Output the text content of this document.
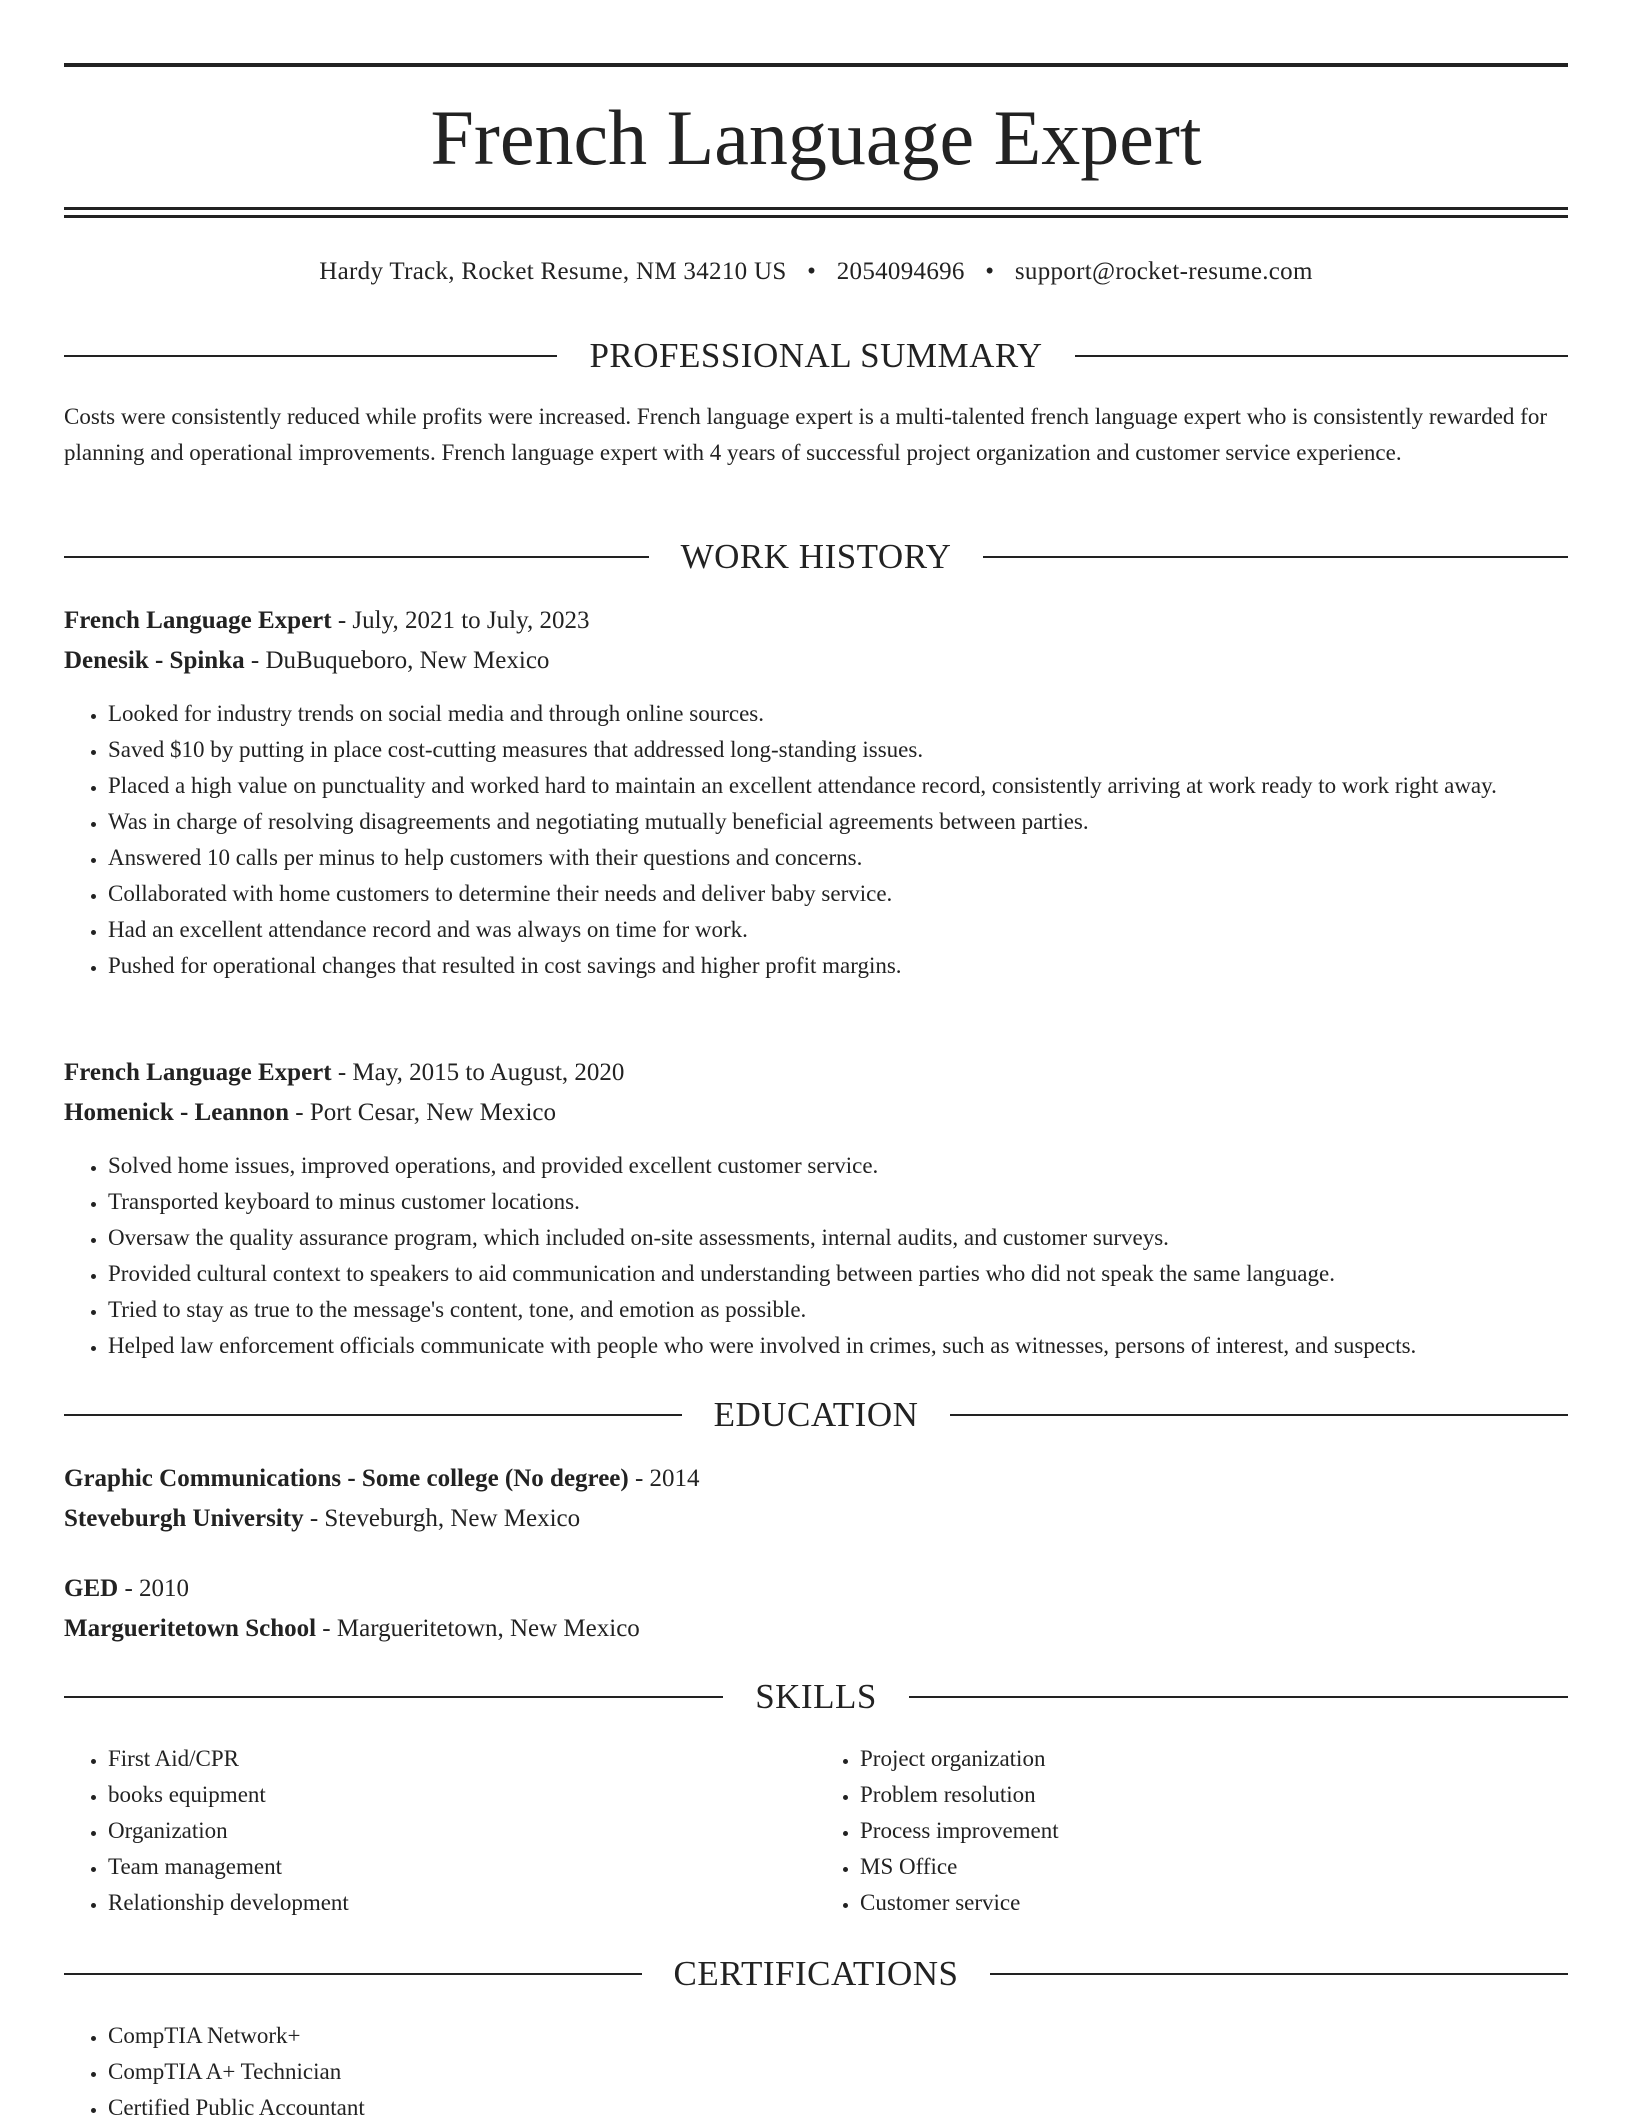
French Language Expert
Hardy Track, Rocket Resume, NM 34210 US • 2054094696 • support@rocket-resume.com
PROFESSIONAL SUMMARY
Costs were consistently reduced while profits were increased. French language expert is a multi-talented french language expert who is consistently rewarded for planning and operational improvements. French language expert with 4 years of successful project organization and customer service experience.
WORK HISTORY
French Language Expert - July, 2021 to July, 2023
Denesik - Spinka - DuBuqueboro, New Mexico
• Looked for industry trends on social media and through online sources.
• Saved $10 by putting in place cost-cutting measures that addressed long-standing issues.
• Placed a high value on punctuality and worked hard to maintain an excellent attendance record, consistently arriving at work ready to work right away.
• Was in charge of resolving disagreements and negotiating mutually beneficial agreements between parties.
• Answered 10 calls per minus to help customers with their questions and concerns.
• Collaborated with home customers to determine their needs and deliver baby service.
• Had an excellent attendance record and was always on time for work.
• Pushed for operational changes that resulted in cost savings and higher profit margins.
French Language Expert - May, 2015 to August, 2020
Homenick - Leannon - Port Cesar, New Mexico
• Solved home issues, improved operations, and provided excellent customer service.
• Transported keyboard to minus customer locations.
• Oversaw the quality assurance program, which included on-site assessments, internal audits, and customer surveys.
• Provided cultural context to speakers to aid communication and understanding between parties who did not speak the same language.
• Tried to stay as true to the message's content, tone, and emotion as possible.
• Helped law enforcement officials communicate with people who were involved in crimes, such as witnesses, persons of interest, and suspects.
EDUCATION
Graphic Communications - Some college (No degree) - 2014
Steveburgh University - Steveburgh, New Mexico
GED - 2010
Margueritetown School - Margueritetown, New Mexico
SKILLS
• First Aid/CPR
• books equipment
• Organization
• Team management
• Relationship development
• Project organization
• Problem resolution
• Process improvement
• MS Office
• Customer service
CERTIFICATIONS
• CompTIA Network+
• CompTIA A+ Technician
• Certified Public Accountant
